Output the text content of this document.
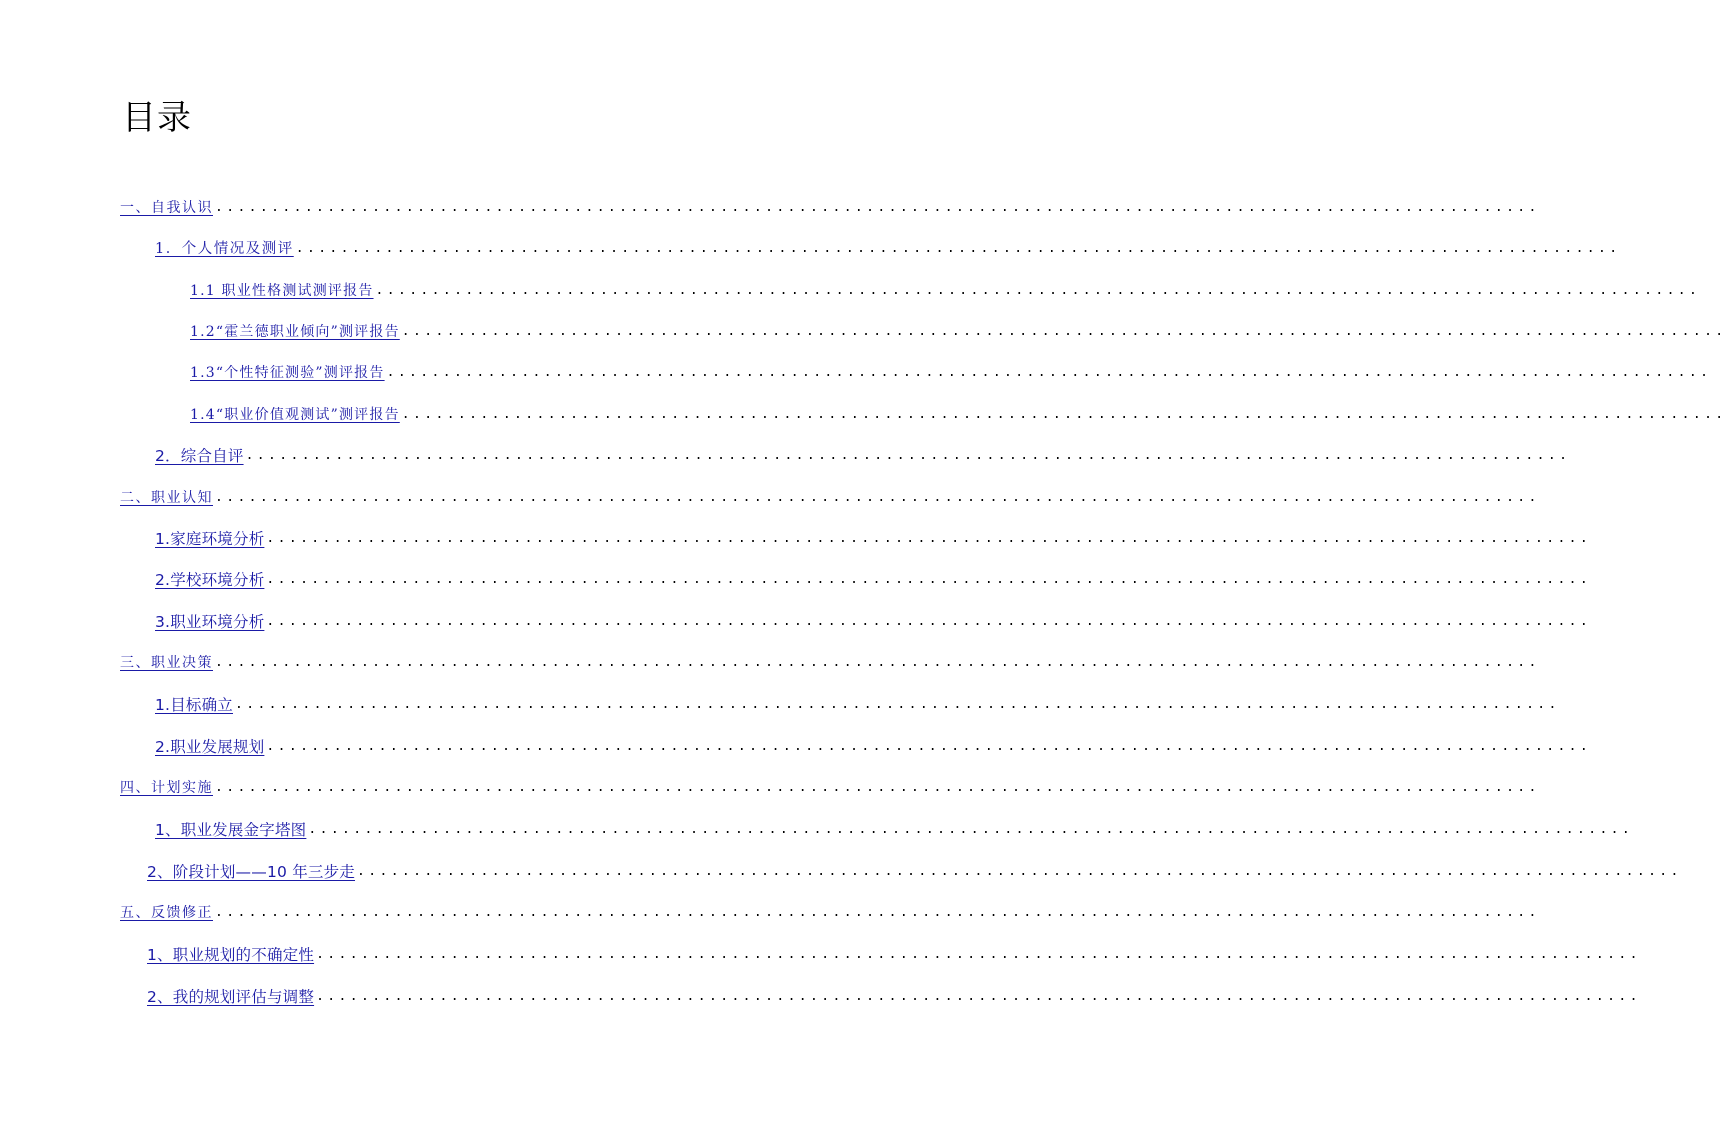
目录
一、自我认识 ......................................................................................................................
1．个人情况及测评 ......................................................................................................................
1.1 职业性格测试测评报告 ......................................................................................................................
1.2“霍兰德职业倾向”测评报告 ......................................................................................................................
1.3“个性特征测验”测评报告 ......................................................................................................................
1.4“职业价值观测试”测评报告 ......................................................................................................................
2．综合自评 ......................................................................................................................
二、职业认知 ......................................................................................................................
1.家庭环境分析 ......................................................................................................................
2.学校环境分析 ......................................................................................................................
3.职业环境分析 ......................................................................................................................
三、职业决策 ......................................................................................................................
1.目标确立 ......................................................................................................................
2.职业发展规划 ......................................................................................................................
四、计划实施 ......................................................................................................................
1、职业发展金字塔图 ......................................................................................................................
2、阶段计划——10 年三步走 ......................................................................................................................
五、反馈修正 ......................................................................................................................
1、职业规划的不确定性 ......................................................................................................................
2、我的规划评估与调整 ......................................................................................................................
